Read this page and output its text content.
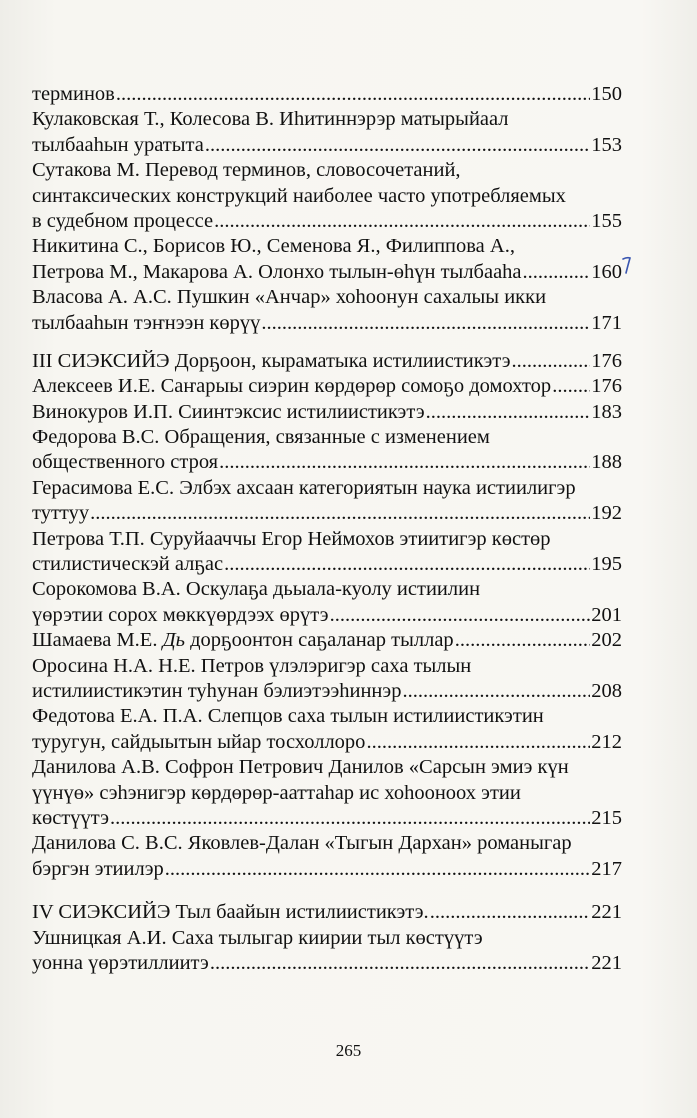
терминов .....	150
Кулаковская Т., Колесова В. Иһитиннэрэр матырыйаал
тылбааһын уратыта .....	153
Сутакова М. Перевод терминов, словосочетаний,
синтаксических конструкций наиболее часто употребляемых
в судебном процессе .....	155
Никитина С., Борисов Ю., Семенова Я., Филиппова А.,
Петрова М., Макарова А. Олонхо тылын-өһүн тылбааһа .....	160
Власова А. А.С. Пушкин «Анчар» хоһоонун сахалыы икки
тылбааһын тэҥнээн көрүү .....	171
III СИЭКСИЙЭ Дорҕоон, кыраматыка истилиистикэтэ .....	176
Алексеев И.Е. Саҥарыы сиэрин көрдөрөр сомоҕо домохтор ..... 176
Винокуров И.П. Сиинтэксис истилиистикэтэ .....	183
Федорова В.С. Обращения, связанные с изменением
общественного строя .....	188
Герасимова Е.С. Элбэх ахсаан категориятын наука истиилигэр
туттуу .....	192
Петрова Т.П. Суруйааччы Егор Неймохов этиитигэр көстөр
стилистическэй алҕас .....	195
Сорокомова В.А. Оскулаҕа дьыала-куолу истиилин
үөрэтии сорох мөккүөрдээх өрүтэ .....	201
Шамаева М.Е. Дь дорҕоонтон саҕаланар тыллар .....	202
Оросина Н.А. Н.Е. Петров үлэлэригэр саха тылын
истилиистикэтин туһунан бэлиэтээһиннэр .....	208
Федотова Е.А. П.А. Слепцов саха тылын истилиистикэтин
туругун, сайдыытын ыйар тосхоллоро .....	212
Данилова А.В. Софрон Петрович Данилов «Сарсын эмиэ күн
үүнүө» сэһэнигэр көрдөрөр-ааттаһар ис хоһооноох этии
көстүүтэ .....	215
Данилова С. В.С. Яковлев-Далан «Тыгын Дархан» романыгар
бэргэн этиилэр .....	217
IV СИЭКСИЙЭ Тыл баайын истилиистикэтэ. .....	221
Ушницкая А.И. Саха тылыгар киирии тыл көстүүтэ
уонна үөрэтиллиитэ .....	221
265
